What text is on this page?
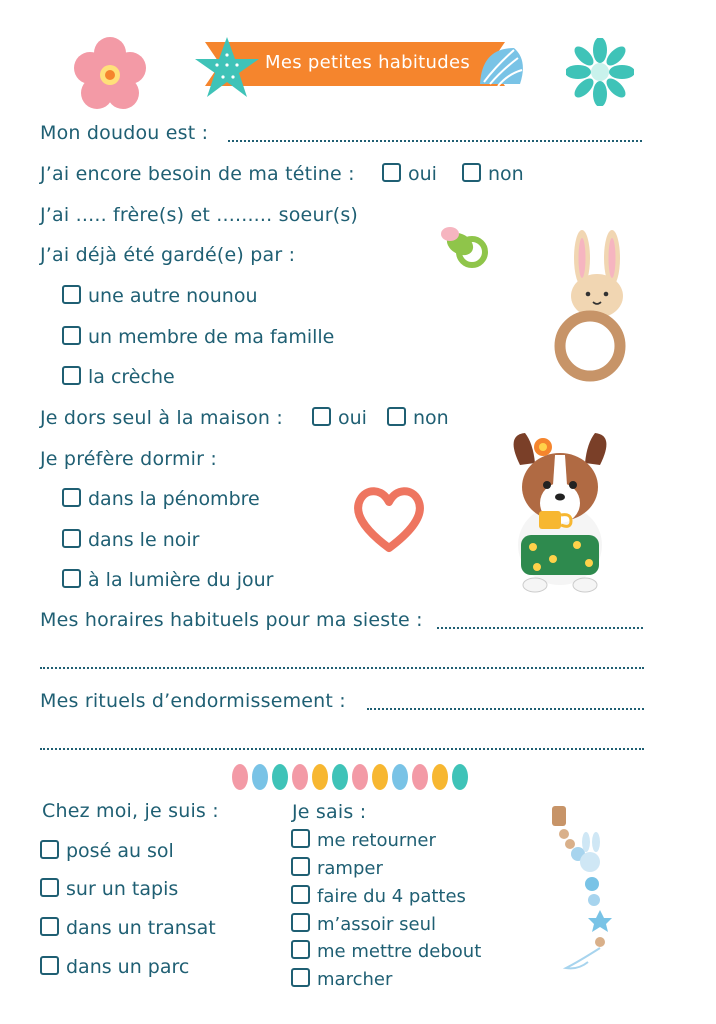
Mes petites habitudes
Mon doudou est :
J’ai encore besoin de ma tétine :	oui	non
J’ai ..... frère(s) et ......... soeur(s)
J’ai déjà été gardé(e) par :
une autre nounou
un membre de ma famille
la crèche
Je dors seul à la maison :	oui	non
Je préfère dormir :
dans la pénombre
dans le noir
à la lumière du jour
Mes horaires habituels pour ma sieste :
Mes rituels d’endormissement :
Chez moi, je suis :
posé au sol
sur un tapis
dans un transat
dans un parc
Je sais :
me retourner
ramper
faire du 4 pattes
m’assoir seul
me mettre debout
marcher
